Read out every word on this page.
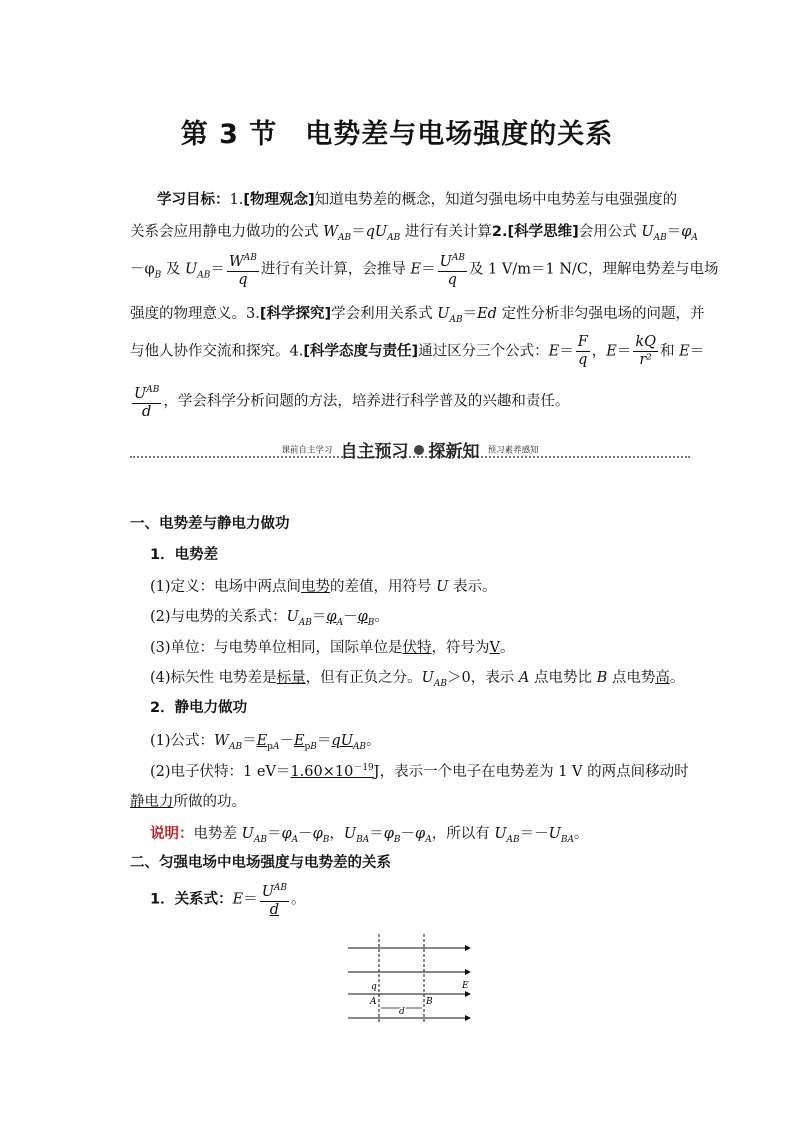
第 3 节　电势差与电场强度的关系
学习目标：1.[物理观念]知道电势差的概念，知道匀强电场中电势差与电强强度的
关系会应用静电力做功的公式 $W_{AB}=qU_{AB}$ 进行有关计算2.[科学思维]会用公式 $U_{AB}=\varphi_A$
$-\varphi_B$ 及 $U_{AB}= \frac{W^{AB}}{q}$ 进行有关计算，会推导 $E= \frac{U^{AB}}{q}$ 及 1 V/m＝1 N/C，理解电势差与电场
强度的物理意义。3.[科学探究]学会利用关系式 $U_{AB}=Ed$ 定性分析非匀强电场的问题，并
与他人协作交流和探究。4.[科学态度与责任]通过区分三个公式：$E= \frac{F}{q}$ ，$E= \frac{kQ}{\text{r²}}$ 和 E＝
$\frac{U^{AB}}{d}$ ，学会科学分析问题的方法，培养进行科学普及的兴趣和责任。
课前自主学习 自主预习 探新知 预习素养感知
一、电势差与静电力做功
1．电势差
(1)定义：电场中两点间电势的差值，用符号 U 表示。
(2)与电势的关系式：$U_{AB}=\varphi_A-\varphi_B$。
(3)单位：与电势单位相同，国际单位是伏特，符号为V。
(4)标矢性 电势差是标量，但有正负之分。$U_{AB}>0$，表示 A 点电势比 B 点电势高。
2．静电力做功
(1)公式：$W_{AB}=E_{pA}-E_{pB}=qU_{AB}$。
(2)电子伏特：1 $eV=1.60\times 10^{-19}J$，表示一个电子在电势差为 1 V 的两点间移动时
静电力所做的功。
说明：电势差 $U_{AB}=\varphi_A-\varphi_B$，$U_{BA}=\varphi_B-\varphi_A$，所以有 $U_{AB}=-U_{BA}$。
二、匀强电场中电场强度与电势差的关系
1．关系式：$E= \frac{U^{AB}}{d}$ 。
E
q
A	B
d
